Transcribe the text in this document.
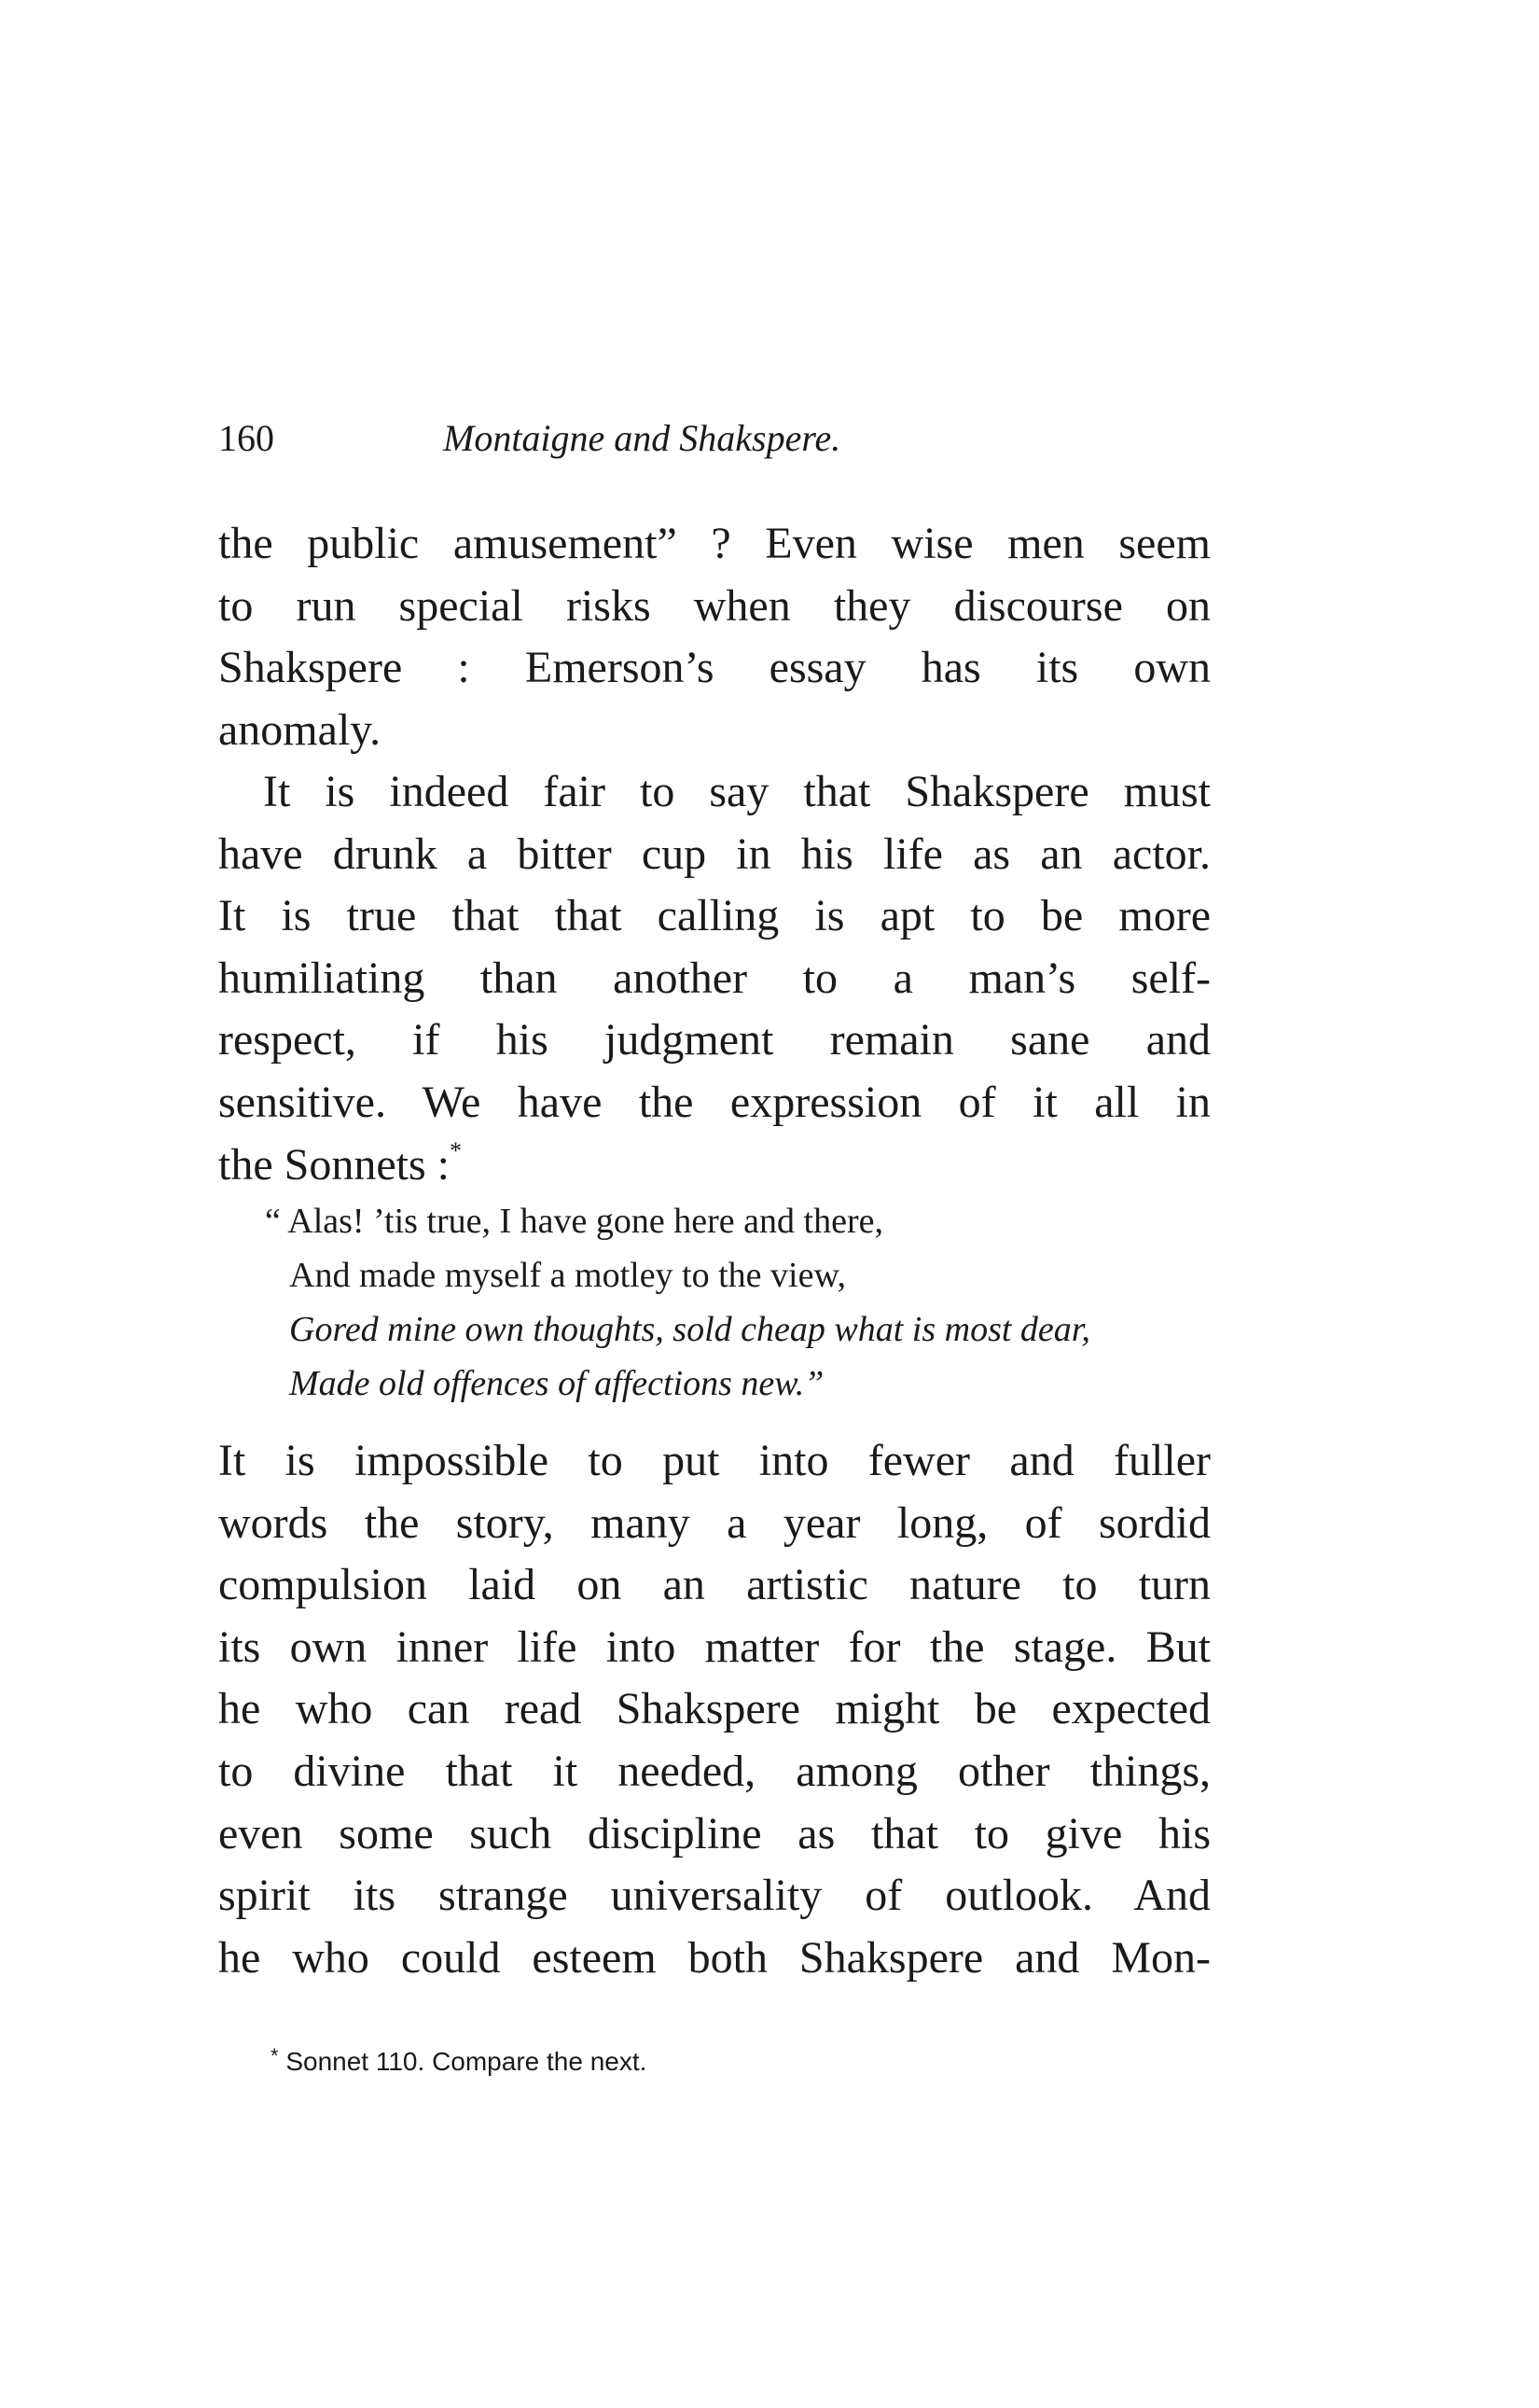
160	Montaigne and Shakspere.
the public amusement” ? Even wise men seem
to run special risks when they discourse on
Shakspere : Emerson’s essay has its own
anomaly.
It is indeed fair to say that Shakspere must
have drunk a bitter cup in his life as an actor.
It is true that that calling is apt to be more
humiliating than another to a man’s self-
respect, if his judgment remain sane and
sensitive. We have the expression of it all in
the Sonnets :*
“ Alas! ’tis true, I have gone here and there,
And made myself a motley to the view,
Gored mine own thoughts, sold cheap what is most dear,
Made old offences of affections new.”
It is impossible to put into fewer and fuller
words the story, many a year long, of sordid
compulsion laid on an artistic nature to turn
its own inner life into matter for the stage. But
he who can read Shakspere might be expected
to divine that it needed, among other things,
even some such discipline as that to give his
spirit its strange universality of outlook. And
he who could esteem both Shakspere and Mon-
* Sonnet 110. Compare the next.
